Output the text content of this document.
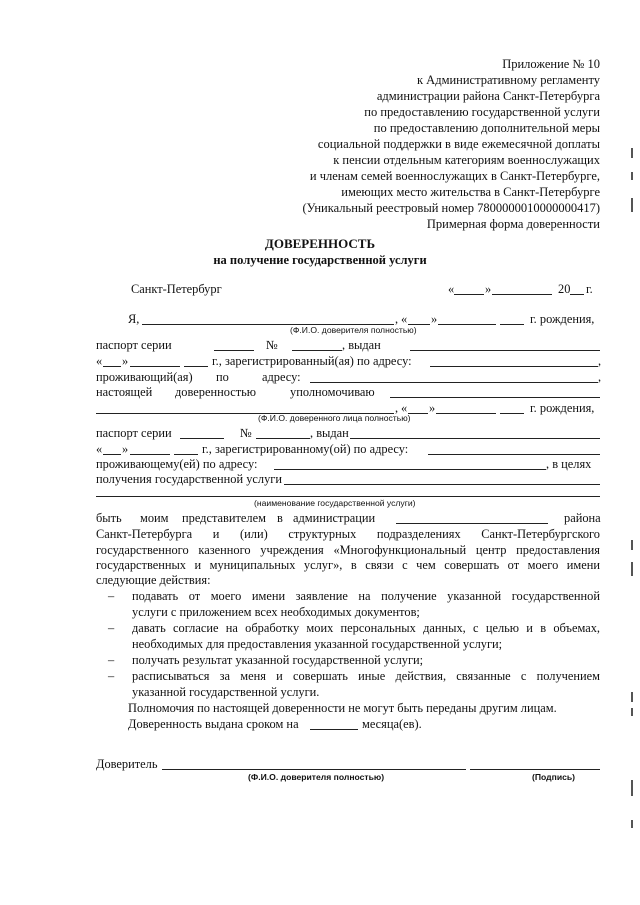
Приложение № 10
к Административному регламенту
администрации района Санкт-Петербурга
по предоставлению государственной услуги
по предоставлению дополнительной меры
социальной поддержки в виде ежемесячной доплаты
к пенсии отдельным категориям военнослужащих
и членам семей военнослужащих в Санкт-Петербурге,
имеющих место жительства в Санкт-Петербурге
(Уникальный реестровый номер 7800000010000000417)
Примерная форма доверенности
ДОВЕРЕННОСТЬ
на получение государственной услуги
Санкт-Петербург	« »	20 г.
Я,	, « »	г. рождения,
(Ф.И.О. доверителя полностью)
паспорт серии	№	, выдан
« »	г., зарегистрированный(ая) по адресу:	,
проживающий(ая) по	адресу:	,
настоящей доверенностью	уполномочиваю
, « »	г. рождения,
(Ф.И.О. доверенного лица полностью)
паспорт серии	№	, выдан
« »	г., зарегистрированному(ой) по адресу:
проживающему(ей) по адресу:	, в целях
получения государственной услуги
(наименование государственной услуги)
быть моим представителем в администрации	района
Санкт-Петербурга и (или) структурных подразделениях Санкт-Петербургского
государственного казенного учреждения «Многофункциональный центр предоставления
государственных и муниципальных услуг», в связи с чем совершать от моего имени
следующие действия:
– подавать от моего имени заявление на получение указанной государственной
услуги с приложением всех необходимых документов;
– давать согласие на обработку моих персональных данных, с целью и в объемах,
необходимых для предоставления указанной государственной услуги;
– получать результат указанной государственной услуги;
– расписываться за меня и совершать иные действия, связанные с получением
указанной государственной услуги.
Полномочия по настоящей доверенности не могут быть переданы другим лицам.
Доверенность выдана сроком на	месяца(ев).
Доверитель
(Ф.И.О. доверителя полностью)	(Подпись)
